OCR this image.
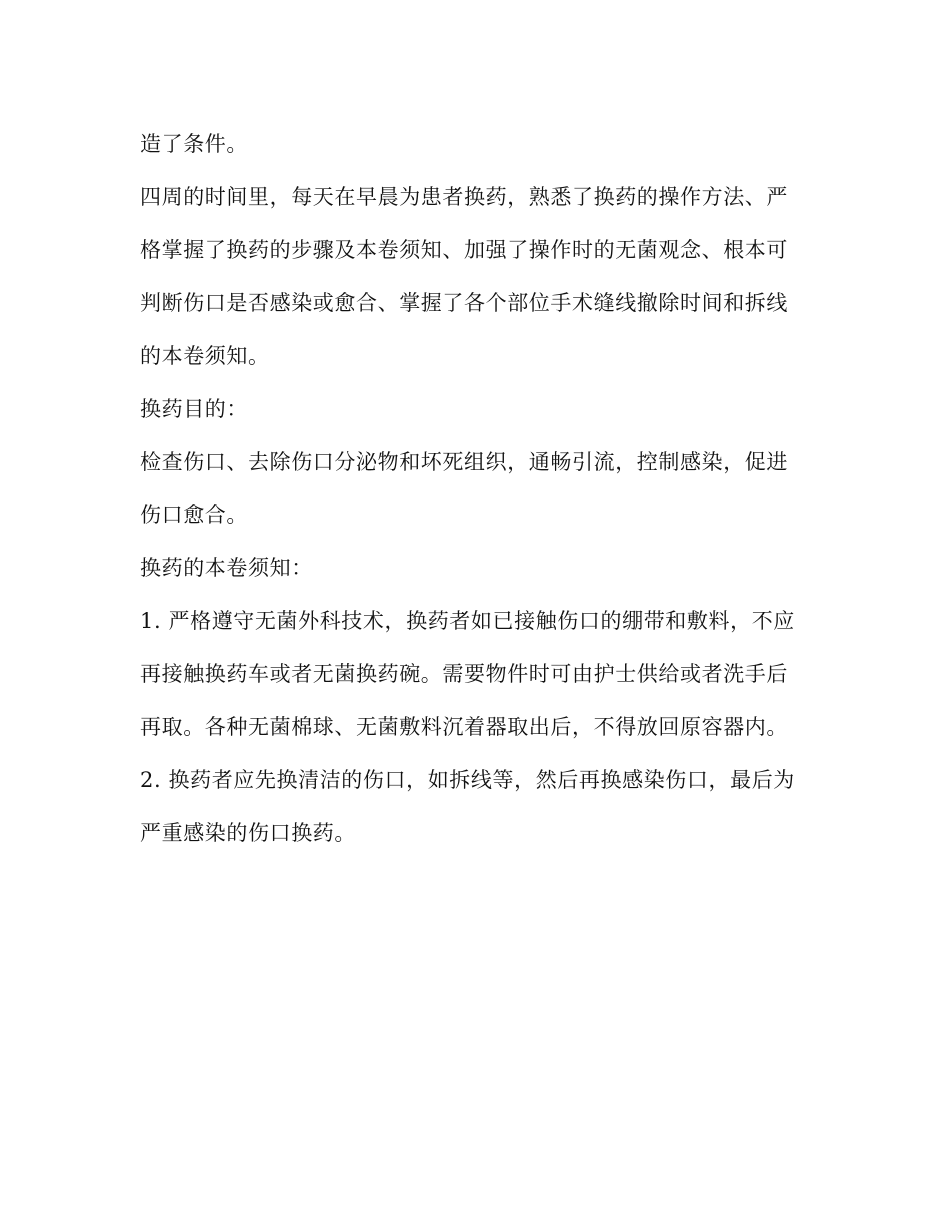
造了条件。
四周的时间里，每天在早晨为患者换药，熟悉了换药的操作方法、严
格掌握了换药的步骤及本卷须知、加强了操作时的无菌观念、根本可
判断伤口是否感染或愈合、掌握了各个部位手术缝线撤除时间和拆线
的本卷须知。
换药目的：
检查伤口、去除伤口分泌物和坏死组织，通畅引流，控制感染，促进
伤口愈合。
换药的本卷须知：
1. 严格遵守无菌外科技术，换药者如已接触伤口的绷带和敷料，不应
再接触换药车或者无菌换药碗。需要物件时可由护士供给或者洗手后
再取。各种无菌棉球、无菌敷料沉着器取出后，不得放回原容器内。
2. 换药者应先换清洁的伤口，如拆线等，然后再换感染伤口，最后为
严重感染的伤口换药。
